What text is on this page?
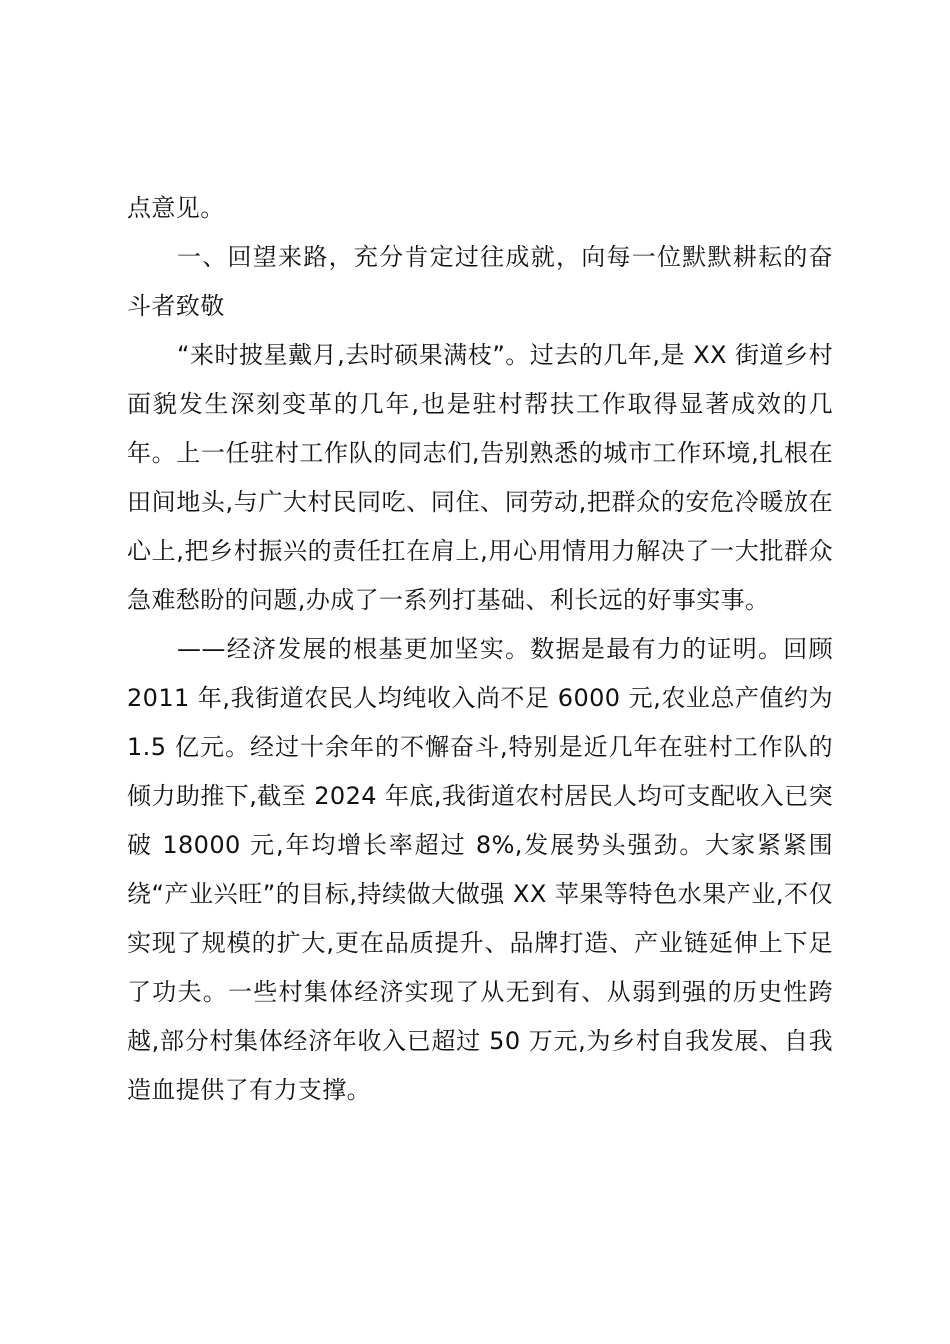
点意见。

一、回望来路，充分肯定过往成就，向每一位默默耕耘的奋斗者致敬

“来时披星戴月,去时硕果满枝”。过去的几年,是 XX 街道乡村面貌发生深刻变革的几年,也是驻村帮扶工作取得显著成效的几年。上一任驻村工作队的同志们,告别熟悉的城市工作环境,扎根在田间地头,与广大村民同吃、同住、同劳动,把群众的安危冷暖放在心上,把乡村振兴的责任扛在肩上,用心用情用力解决了一大批群众急难愁盼的问题,办成了一系列打基础、利长远的好事实事。

——经济发展的根基更加坚实。数据是最有力的证明。回顾 2011 年,我街道农民人均纯收入尚不足 6000 元,农业总产值约为 1.5 亿元。经过十余年的不懈奋斗,特别是近几年在驻村工作队的倾力助推下,截至 2024 年底,我街道农村居民人均可支配收入已突破 18000 元,年均增长率超过 8%,发展势头强劲。大家紧紧围绕“产业兴旺”的目标,持续做大做强 XX 苹果等特色水果产业,不仅实现了规模的扩大,更在品质提升、品牌打造、产业链延伸上下足了功夫。一些村集体经济实现了从无到有、从弱到强的历史性跨越,部分村集体经济年收入已超过 50 万元,为乡村自我发展、自我造血提供了有力支撑。
